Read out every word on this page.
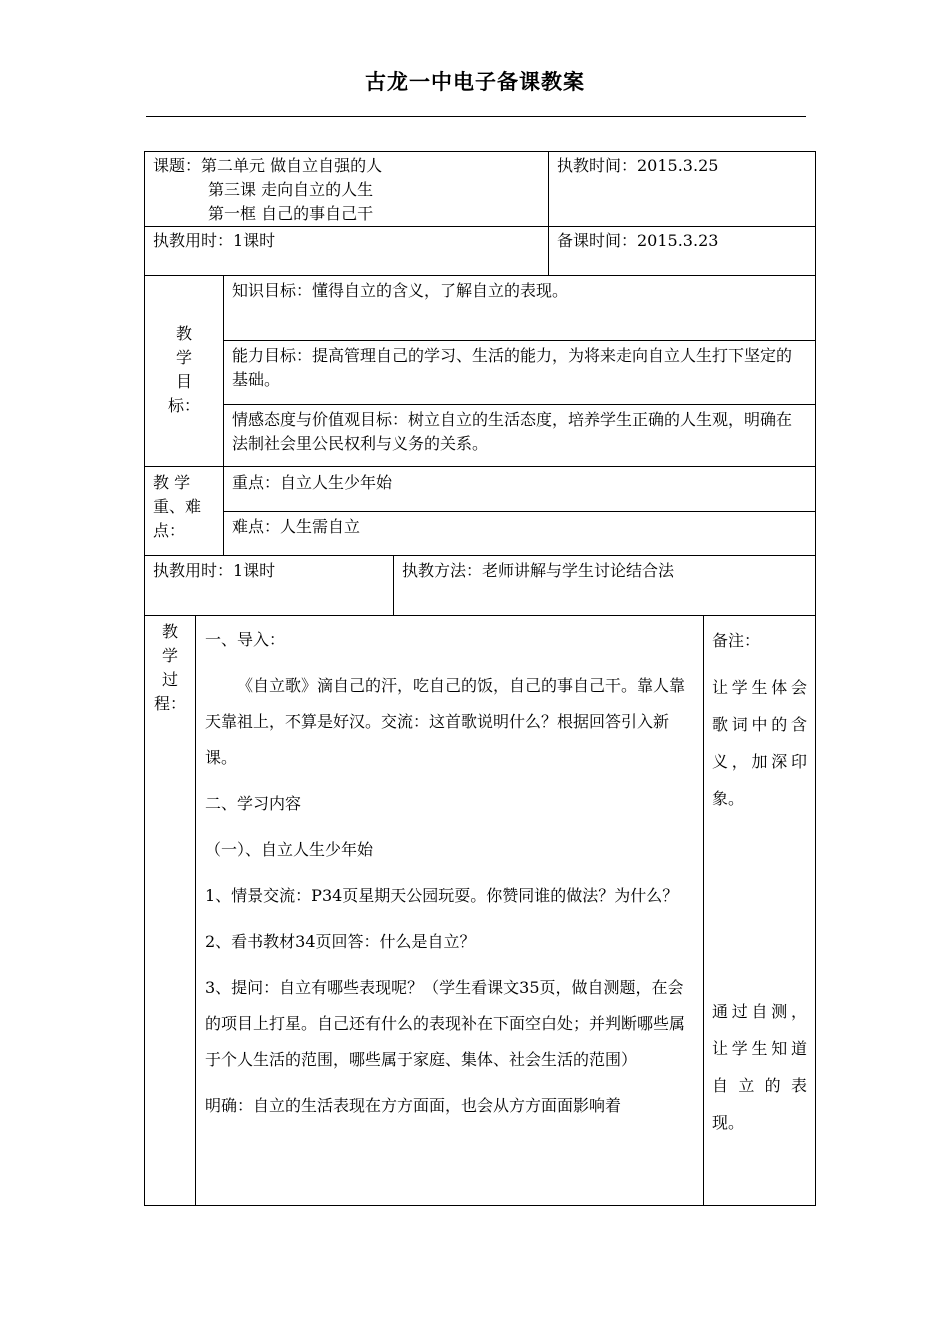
古龙一中电子备课教案

课题：第二单元 做自立自强的人

第三课 走向自立的人生

第一框 自己的事自己干

执教时间：2015.3.25

执教用时：1课时	备课时间：2015.3.23

教
学
目
标：

知识目标：懂得自立的含义，了解自立的表现。

能力目标：提高管理自己的学习、生活的能力，为将来走向自立人生打下坚定的基础。

情感态度与价值观目标：树立自立的生活态度，培养学生正确的人生观，明确在法制社会里公民权利与义务的关系。

教 学
重、难
点：

重点：自立人生少年始

难点：人生需自立

执教用时：1课时	执教方法：老师讲解与学生讨论结合法

教
学
过
程：

一、导入：

《自立歌》滴自己的汗，吃自己的饭，自己的事自己干。靠人靠天靠祖上，不算是好汉。交流：这首歌说明什么？根据回答引入新课。

二、学习内容

（一）、自立人生少年始

1、情景交流：P34页星期天公园玩耍。你赞同谁的做法？为什么？

2、看书教材34页回答：什么是自立？

3、提问：自立有哪些表现呢？（学生看课文35页，做自测题，在会的项目上打星。自己还有什么的表现补在下面空白处；并判断哪些属于个人生活的范围，哪些属于家庭、集体、社会生活的范围）

明确：自立的生活表现在方方面面，也会从方方面面影响着

备注：

让学生体会歌词中的含义，加深印象。

通过自测，让学生知道自 立 的 表现。
